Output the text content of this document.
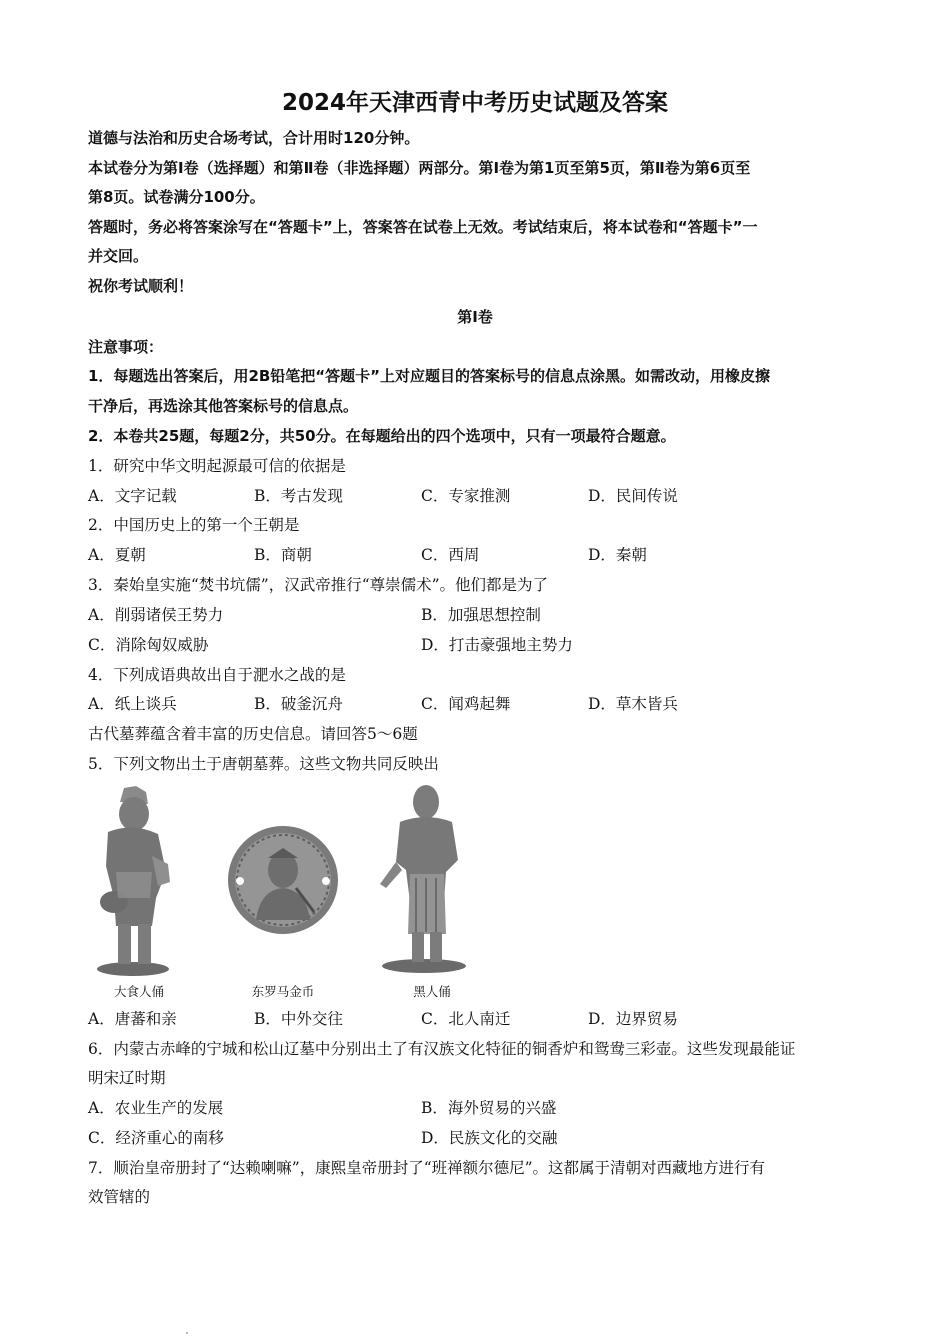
2024年天津西青中考历史试题及答案
道德与法治和历史合场考试，合计用时120分钟。
本试卷分为第Ⅰ卷（选择题）和第Ⅱ卷（非选择题）两部分。第Ⅰ卷为第1页至第5页，第Ⅱ卷为第6页至
第8页。试卷满分100分。
答题时，务必将答案涂写在“答题卡”上，答案答在试卷上无效。考试结束后，将本试卷和“答题卡”一
并交回。
祝你考试顺利！
第Ⅰ卷
注意事项：
1．每题选出答案后，用2B铅笔把“答题卡”上对应题目的答案标号的信息点涂黑。如需改动，用橡皮擦
干净后，再选涂其他答案标号的信息点。
2．本卷共25题，每题2分，共50分。在每题给出的四个选项中，只有一项最符合题意。
1．研究中华文明起源最可信的依据是
A．文字记载	B．考古发现	C．专家推测	D．民间传说
2．中国历史上的第一个王朝是
A．夏朝	B．商朝	C．西周	D．秦朝
3．秦始皇实施“焚书坑儒”，汉武帝推行“尊崇儒术”。他们都是为了
A．削弱诸侯王势力	B．加强思想控制
C．消除匈奴威胁	D．打击豪强地主势力
4．下列成语典故出自于淝水之战的是
A．纸上谈兵	B．破釜沉舟	C．闻鸡起舞	D．草木皆兵
古代墓葬蕴含着丰富的历史信息。请回答5～6题
5．下列文物出土于唐朝墓葬。这些文物共同反映出
大食人俑	东罗马金币	黑人俑
A．唐蕃和亲	B．中外交往	C．北人南迁	D．边界贸易
6．内蒙古赤峰的宁城和松山辽墓中分别出土了有汉族文化特征的铜香炉和鸳鸯三彩壶。这些发现最能证
明宋辽时期
A．农业生产的发展	B．海外贸易的兴盛
C．经济重心的南移	D．民族文化的交融
7．顺治皇帝册封了“达赖喇嘛”，康熙皇帝册封了“班禅额尔德尼”。这都属于清朝对西藏地方进行有
效管辖的
